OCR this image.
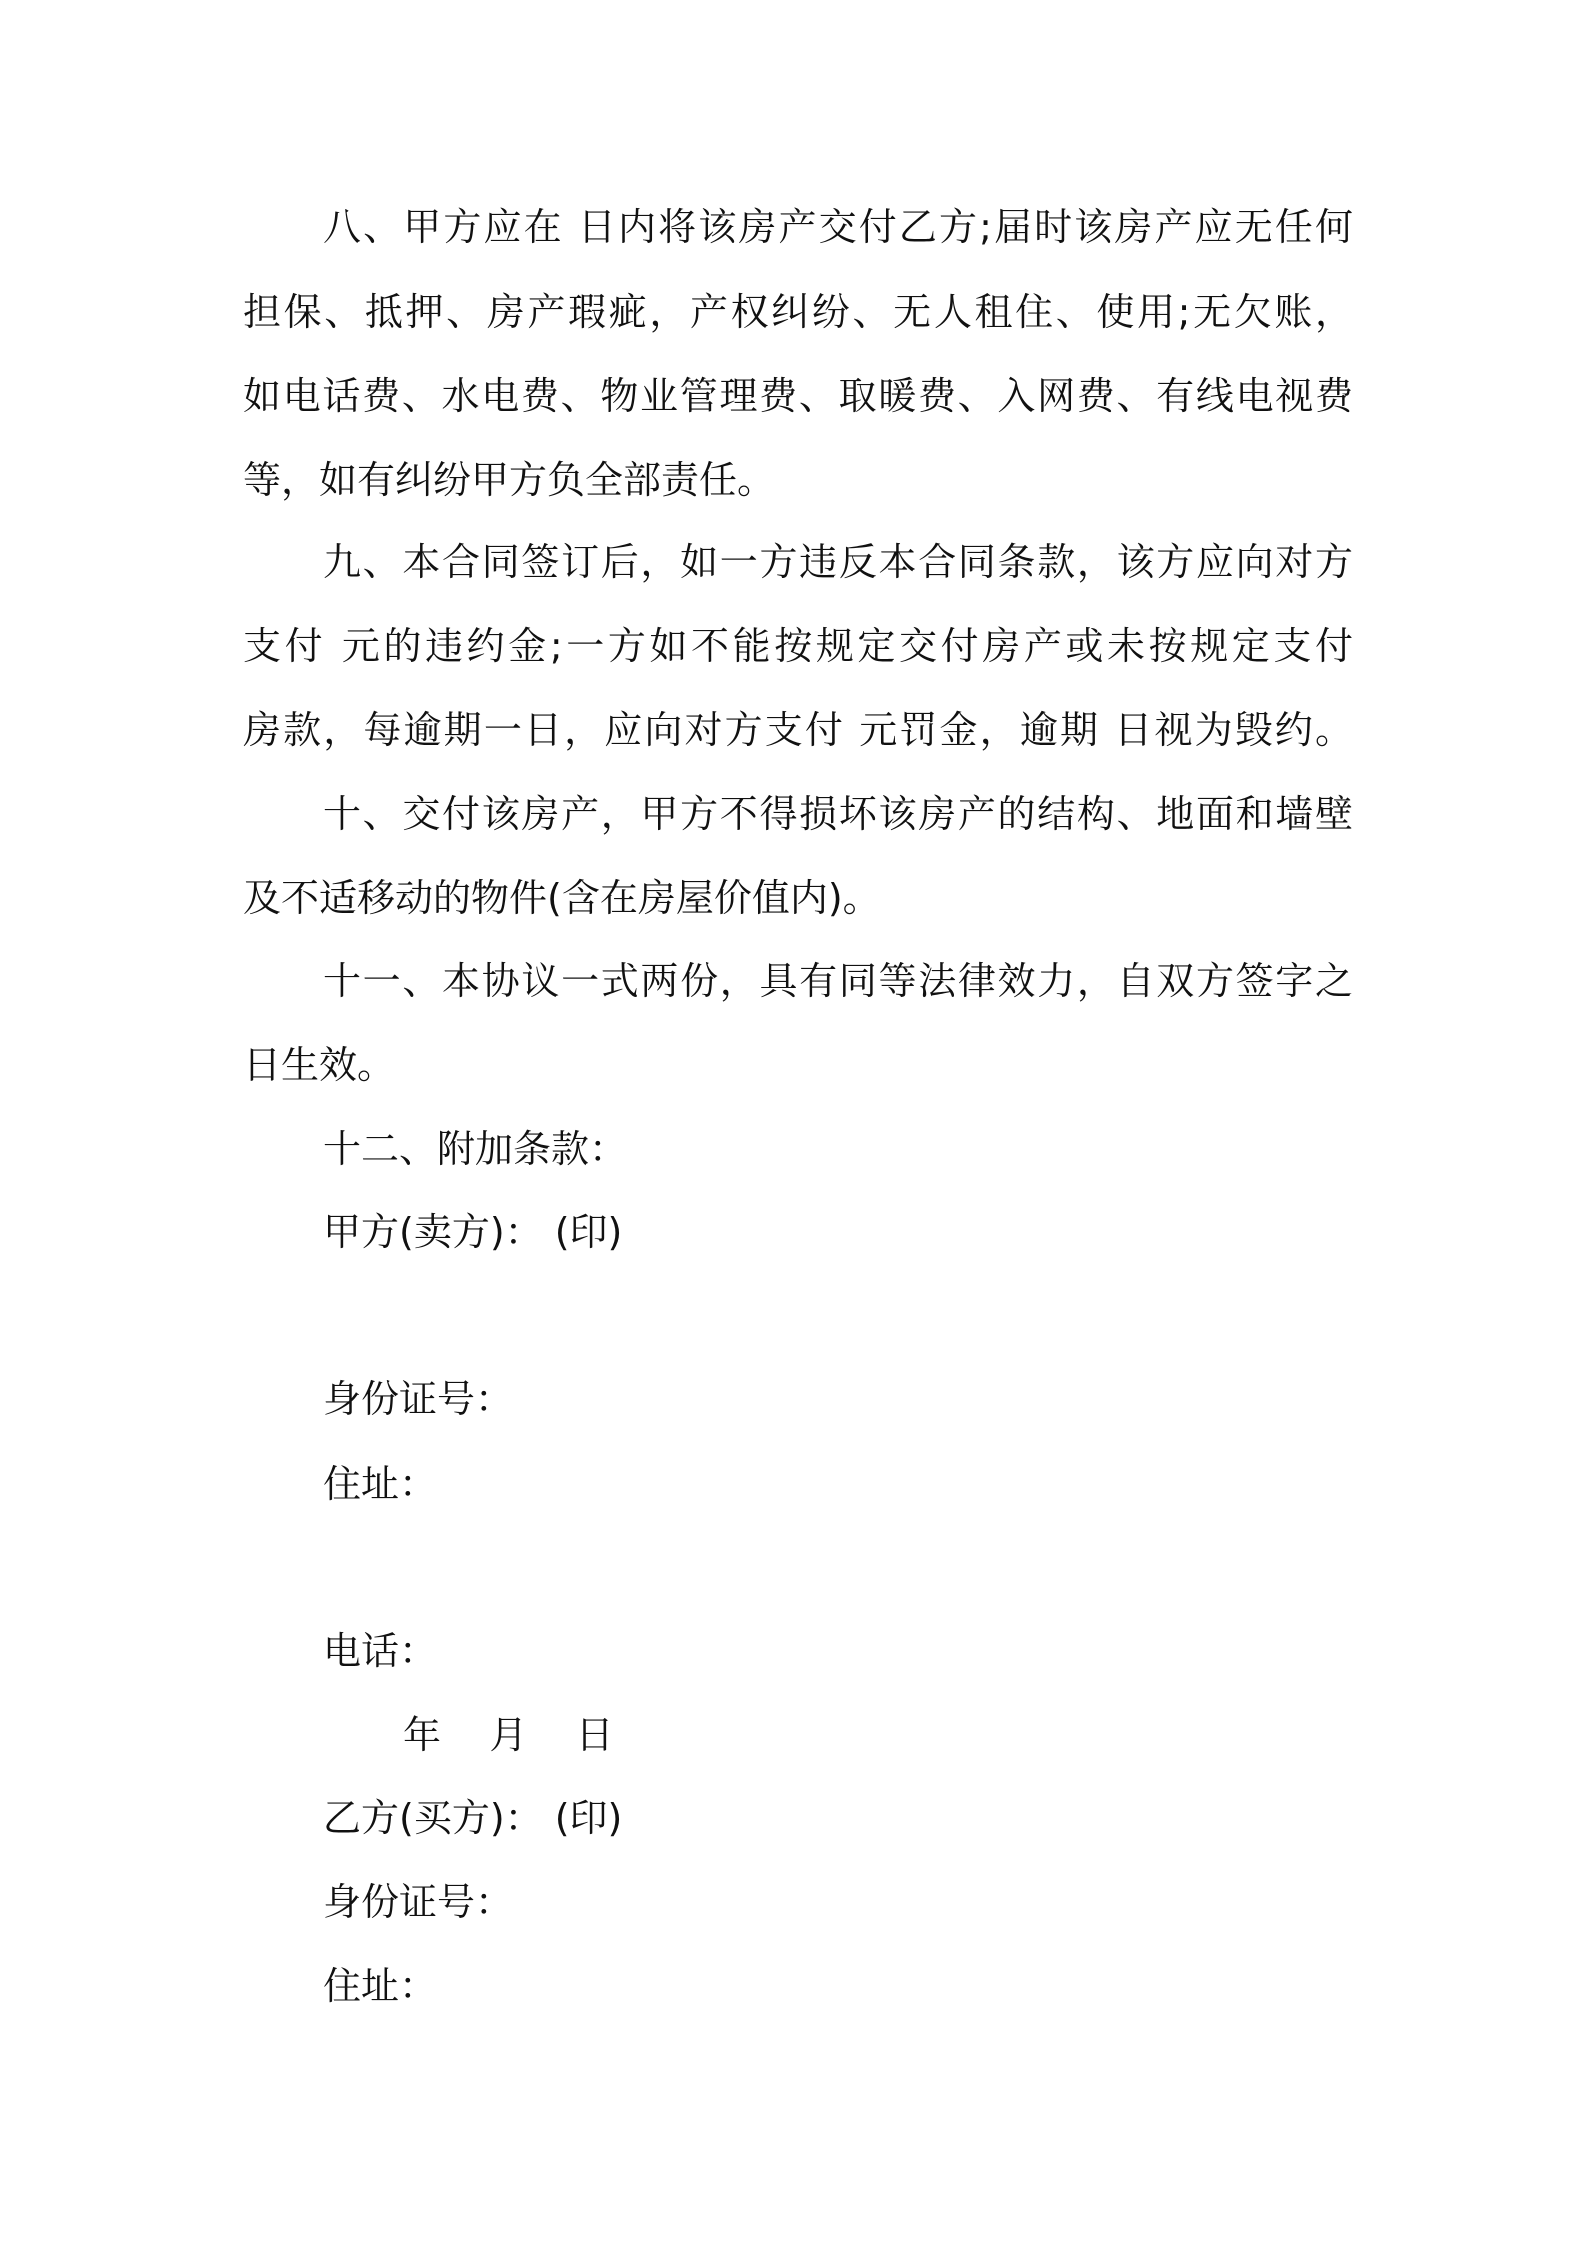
八、甲方应在 日内将该房产交付乙方;届时该房产应无任何
担保、抵押、房产瑕疵，产权纠纷、无人租住、使用;无欠账，
如电话费、水电费、物业管理费、取暖费、入网费、有线电视费
等，如有纠纷甲方负全部责任。
九、本合同签订后，如一方违反本合同条款，该方应向对方
支付 元的违约金;一方如不能按规定交付房产或未按规定支付
房款，每逾期一日，应向对方支付 元罚金，逾期 日视为毁约。
十、交付该房产，甲方不得损坏该房产的结构、地面和墙壁
及不适移动的物件(含在房屋价值内)。
十一、本协议一式两份，具有同等法律效力，自双方签字之
日生效。
十二、附加条款：
甲方(卖方)： (印)
身份证号：
住址：
电话：
年    月    日
乙方(买方)： (印)
身份证号：
住址：
